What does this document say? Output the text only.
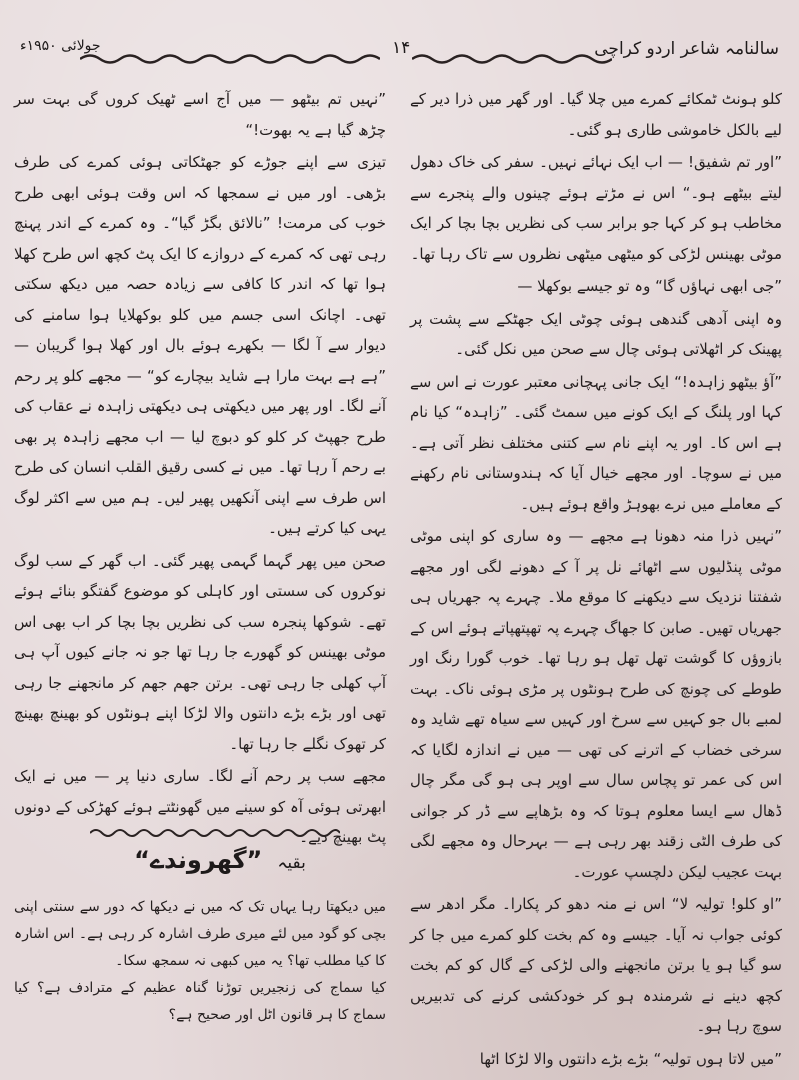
سالنامہ شاعر اردو کراچی
۱۴
جولائی ۱۹۵۰ء

کلو ہونٹ ٹمکائے کمرے میں چلا گیا۔ اور گھر میں ذرا دیر کے لیے بالکل خاموشی طاری ہو گئی۔

”اور تم شفیق! — اب ایک نہائے نہیں۔ سفر کی خاک دھول لیتے بیٹھے ہو۔“ اس نے مڑتے ہوئے چینوں والے پنجرے سے مخاطب ہو کر کہا جو برابر سب کی نظریں بچا بچا کر ایک موٹی بھینس لڑکی کو میٹھی میٹھی نظروں سے تاک رہا تھا۔

”جی ابھی نہاؤں گا“ وہ تو جیسے بوکھلا —

وہ اپنی آدھی گندھی ہوئی چوٹی ایک جھٹکے سے پشت پر پھینک کر اٹھلاتی ہوئی چال سے صحن میں نکل گئی۔

”آؤ بیٹھو زاہدہ!“ ایک جانی پہچانی معتبر عورت نے اس سے کہا اور پلنگ کے ایک کونے میں سمٹ گئی۔ ”زاہدہ“ کیا نام ہے اس کا۔ اور یہ اپنے نام سے کتنی مختلف نظر آتی ہے۔ میں نے سوچا۔ اور مجھے خیال آیا کہ ہندوستانی نام رکھنے کے معاملے میں نرے بھوہڑ واقع ہوئے ہیں۔

”نہیں ذرا منہ دھونا ہے مجھے — وہ ساری کو اپنی موٹی موٹی پنڈلیوں سے اٹھائے نل پر آ کے دھونے لگی اور مجھے شفتنا نزدیک سے دیکھنے کا موقع ملا۔ چہرے پہ جھریاں ہی جھریاں تھیں۔ صابن کا جھاگ چہرے پہ تھپتھپاتے ہوئے اس کے بازوؤں کا گوشت تھل تھل ہو رہا تھا۔ خوب گورا رنگ اور طوطے کی چونچ کی طرح ہونٹوں پر مڑی ہوئی ناک۔ بہت لمبے بال جو کہیں سے سرخ اور کہیں سے سیاہ تھے شاید وہ سرخی خضاب کے اترنے کی تھی — میں نے اندازہ لگایا کہ اس کی عمر تو پچاس سال سے اوپر ہی ہو گی مگر چال ڈھال سے ایسا معلوم ہوتا کہ وہ بڑھاپے سے ڈر کر جوانی کی طرف الٹی زقند بھر رہی ہے — بہرحال وہ مجھے لگی بہت عجیب لیکن دلچسپ عورت۔

”او کلو! تولیہ لا“ اس نے منہ دھو کر پکارا۔ مگر ادھر سے کوئی جواب نہ آیا۔ جیسے وہ کم بخت کلو کمرے میں جا کر سو گیا ہو یا برتن مانجھنے والی لڑکی کے گال کو کم بخت کچھ دینے نے شرمندہ ہو کر خودکشی کرنے کی تدبیریں سوچ رہا ہو۔

”میں لاتا ہوں تولیہ“ بڑے بڑے دانتوں والا لڑکا اٹھا

”نہیں تم بیٹھو — میں آج اسے ٹھیک کروں گی بہت سر چڑھ گیا ہے یہ بھوت!“

تیزی سے اپنے جوڑے کو جھٹکاتی ہوئی کمرے کی طرف بڑھی۔ اور میں نے سمجھا کہ اس وقت ہوئی ابھی طرح خوب کی مرمت! ”نالائق بگڑ گیا“۔ وہ کمرے کے اندر پہنچ رہی تھی کہ کمرے کے دروازے کا ایک پٹ کچھ اس طرح کھلا ہوا تھا کہ اندر کا کافی سے زیادہ حصہ میں دیکھ سکتی تھی۔ اچانک اسی جسم میں کلو بوکھلایا ہوا سامنے کی دیوار سے آ لگا — بکھرے ہوئے بال اور کھلا ہوا گریبان — ”ہے ہے بہت مارا ہے شاید بیچارے کو“ — مجھے کلو پر رحم آنے لگا۔ اور پھر میں دیکھتی ہی دیکھتی زاہدہ نے عقاب کی طرح جھپٹ کر کلو کو دبوچ لیا — اب مجھے زاہدہ پر بھی بے رحم آ رہا تھا۔ میں نے کسی رقیق القلب انسان کی طرح اس طرف سے اپنی آنکھیں پھیر لیں۔ ہم میں سے اکثر لوگ یہی کیا کرتے ہیں۔

صحن میں پھر گہما گہمی پھیر گئی۔ اب گھر کے سب لوگ نوکروں کی سستی اور کاہلی کو موضوع گفتگو بنائے ہوئے تھے۔ شوکھا پنجرہ سب کی نظریں بچا بچا کر اب بھی اس موٹی بھینس کو گھورے جا رہا تھا جو نہ جانے کیوں آپ ہی آپ کھلی جا رہی تھی۔ برتن جھم جھم کر مانجھنے جا رہی تھی اور بڑے بڑے دانتوں والا لڑکا اپنے ہونٹوں کو بھینچ بھینچ کر تھوک نگلے جا رہا تھا۔

مجھے سب پر رحم آنے لگا۔ ساری دنیا پر — میں نے ایک ابھرتی ہوئی آہ کو سینے میں گھونٹتے ہوئے کھڑکی کے دونوں پٹ بھینچ دیے۔

بقیہ ”گھروندے“

میں دیکھتا رہا یہاں تک کہ میں نے دیکھا کہ دور سے سنتی اپنی بچی کو گود میں لئے میری طرف اشارہ کر رہی ہے۔ اس اشارہ کا کیا مطلب تھا؟ یہ میں کبھی نہ سمجھ سکا۔

کیا سماج کی زنجیریں توڑنا گناہ عظیم کے مترادف ہے؟ کیا سماج کا ہر قانون اٹل اور صحیح ہے؟
